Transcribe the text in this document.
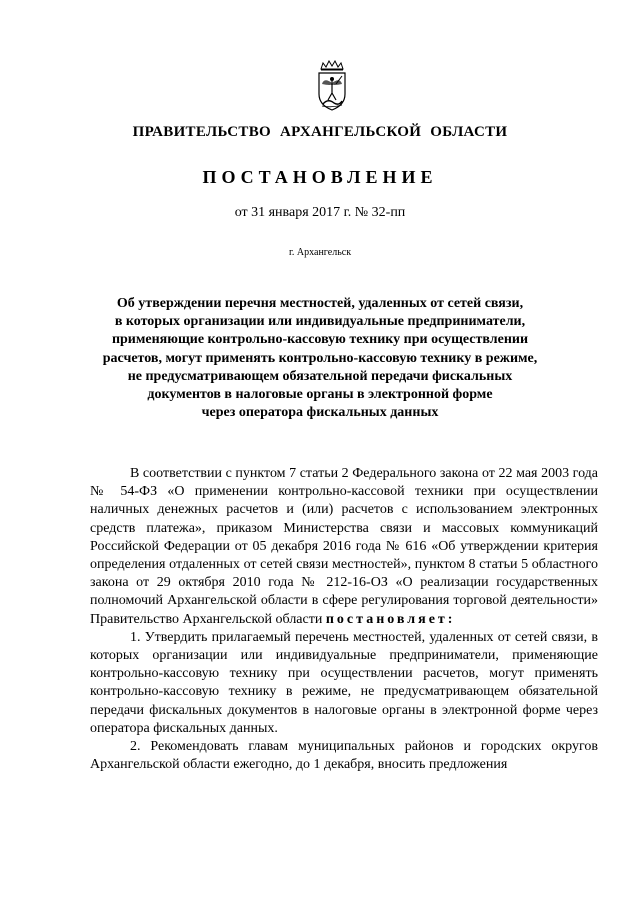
ПРАВИТЕЛЬСТВО АРХАНГЕЛЬСКОЙ ОБЛАСТИ
ПОСТАНОВЛЕНИЕ
от 31 января 2017 г. № 32-пп
г. Архангельск
Об утверждении перечня местностей, удаленных от сетей связи,
в которых организации или индивидуальные предприниматели,
применяющие контрольно-кассовую технику при осуществлении
расчетов, могут применять контрольно-кассовую технику в режиме,
не предусматривающем обязательной передачи фискальных
документов в налоговые органы в электронной форме
через оператора фискальных данных

В соответствии с пунктом 7 статьи 2 Федерального закона от 22 мая 2003 года № 54-ФЗ «О применении контрольно-кассовой техники при осуществлении наличных денежных расчетов и (или) расчетов с использованием электронных средств платежа», приказом Министерства связи и массовых коммуникаций Российской Федерации от 05 декабря 2016 года № 616 «Об утверждении критерия определения отдаленных от сетей связи местностей», пунктом 8 статьи 5 областного закона от 29 октября 2010 года № 212-16-ОЗ «О реализации государственных полномочий Архангельской области в сфере регулирования торговой деятельности» Правительство Архангельской области постановляет:

1. Утвердить прилагаемый перечень местностей, удаленных от сетей связи, в которых организации или индивидуальные предприниматели, применяющие контрольно-кассовую технику при осуществлении расчетов, могут применять контрольно-кассовую технику в режиме, не предусматривающем обязательной передачи фискальных документов в налоговые органы в электронной форме через оператора фискальных данных.

2. Рекомендовать главам муниципальных районов и городских округов Архангельской области ежегодно, до 1 декабря, вносить предложения
